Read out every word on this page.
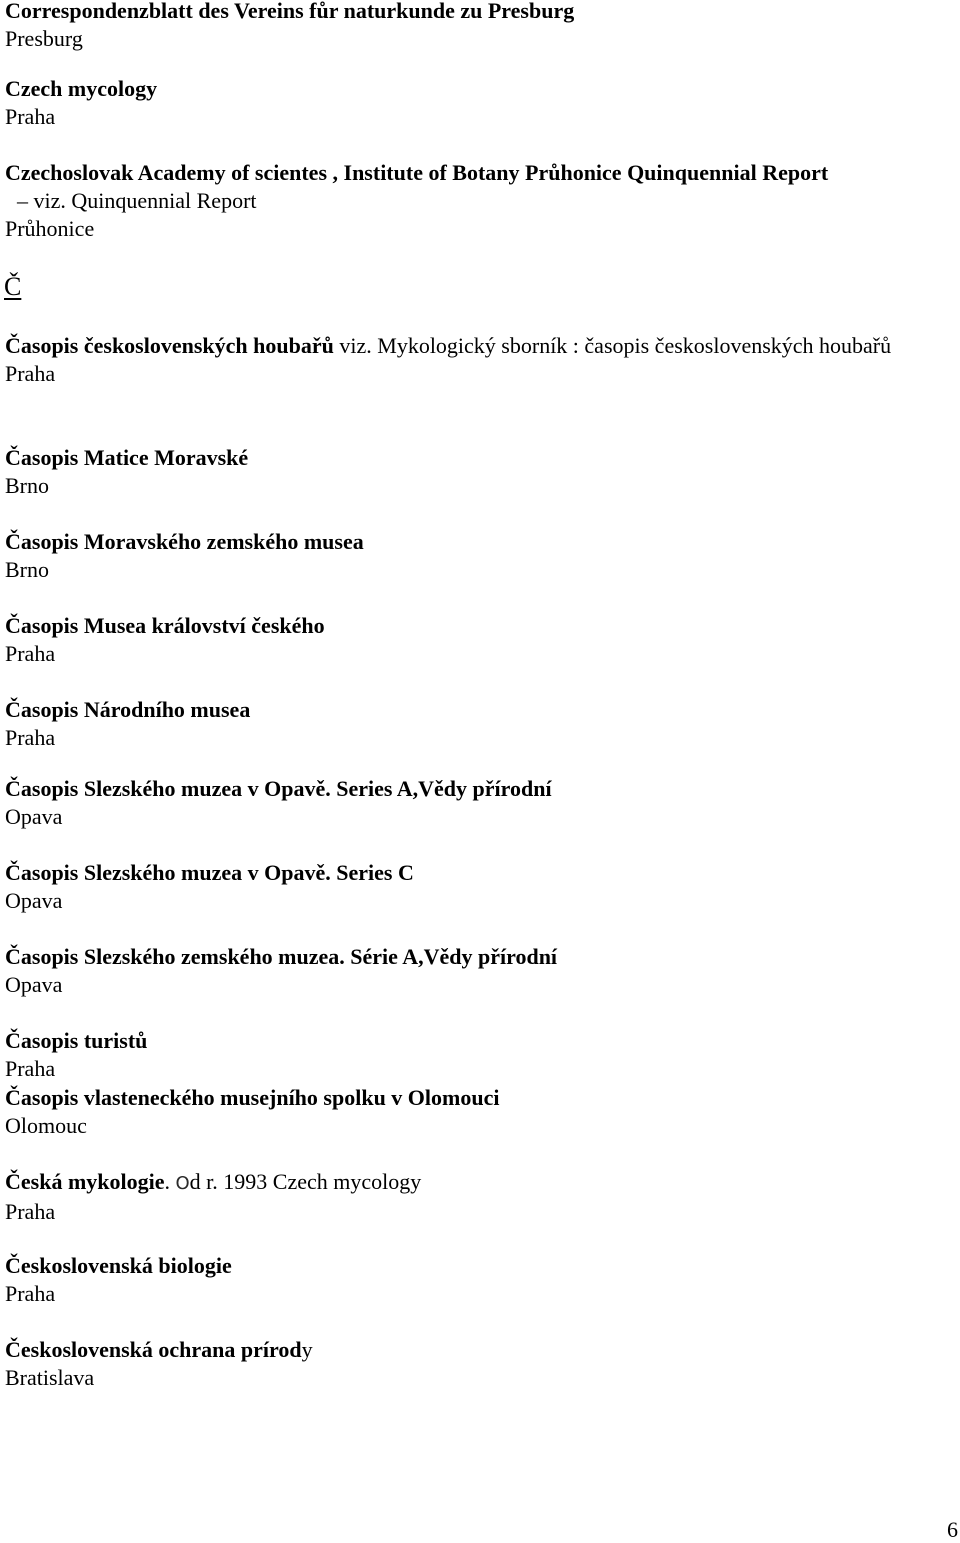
Correspondenzblatt des Vereins fůr naturkunde zu Presburg
Presburg
Czech mycology
Praha
Czechoslovak Academy of scientes , Institute of Botany Průhonice Quinquennial Report
– viz. Quinquennial Report
Průhonice
Č
Časopis československých houbařů viz. Mykologický sborník : časopis československých houbařů
Praha
Časopis Matice Moravské
Brno
Časopis Moravského zemského musea
Brno
Časopis Musea království českého
Praha
Časopis Národního musea
Praha
Časopis Slezského muzea v Opavě. Series A,Vědy přírodní
Opava
Časopis Slezského muzea v Opavě. Series C
Opava
Časopis Slezského zemského muzea. Série A,Vědy přírodní
Opava
Časopis turistů
Praha
Časopis vlasteneckého musejního spolku v Olomouci
Olomouc
Česká mykologie. Od r. 1993 Czech mycology
Praha
Československá biologie
Praha
Československá ochrana prírody
Bratislava
6
